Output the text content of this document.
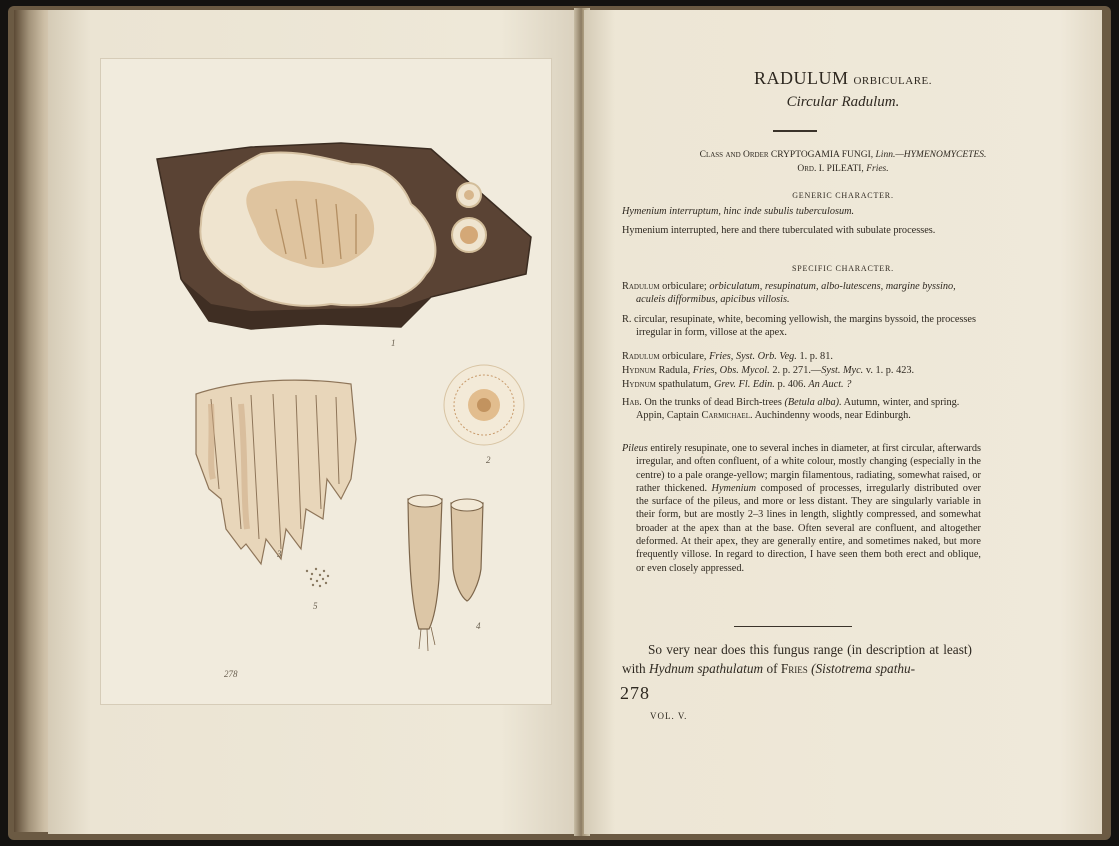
1
2
3
4
5
278
RADULUM ORBICULARE.
Circular Radulum.
Class and Order CRYPTOGAMIA FUNGI, Linn.—HYMENOMYCETES.
Ord. I. PILEATI, Fries.
GENERIC CHARACTER.
Hymenium interruptum, hinc inde subulis tuberculosum.
Hymenium interrupted, here and there tuberculated with subulate processes.
SPECIFIC CHARACTER.
Radulum orbiculare; orbiculatum, resupinatum, albo-lutescens, margine byssino, aculeis difformibus, apicibus villosis.
R. circular, resupinate, white, becoming yellowish, the margins byssoid, the processes irregular in form, villose at the apex.
Radulum orbiculare, Fries, Syst. Orb. Veg. 1. p. 81.
Hydnum Radula, Fries, Obs. Mycol. 2. p. 271.—Syst. Myc. v. 1. p. 423.
Hydnum spathulatum, Grev. Fl. Edin. p. 406. An Auct. ?
Hab. On the trunks of dead Birch-trees (Betula alba). Autumn, winter, and spring. Appin, Captain Carmichael. Auchindenny woods, near Edinburgh.
Pileus entirely resupinate, one to several inches in diameter, at first circular, afterwards irregular, and often confluent, of a white colour, mostly changing (especially in the centre) to a pale orange-yellow; margin filamentous, radiating, somewhat raised, or rather thickened. Hymenium composed of processes, irregularly distributed over the surface of the pileus, and more or less distant. They are singularly variable in their form, but are mostly 2–3 lines in length, slightly compressed, and somewhat broader at the apex than at the base. Often several are confluent, and altogether deformed. At their apex, they are generally entire, and sometimes naked, but more frequently villose. In regard to direction, I have seen them both erect and oblique, or even closely appressed.
So very near does this fungus range (in description at least) with Hydnum spathulatum of Fries (Sistotrema spathu-
278
VOL. V.
